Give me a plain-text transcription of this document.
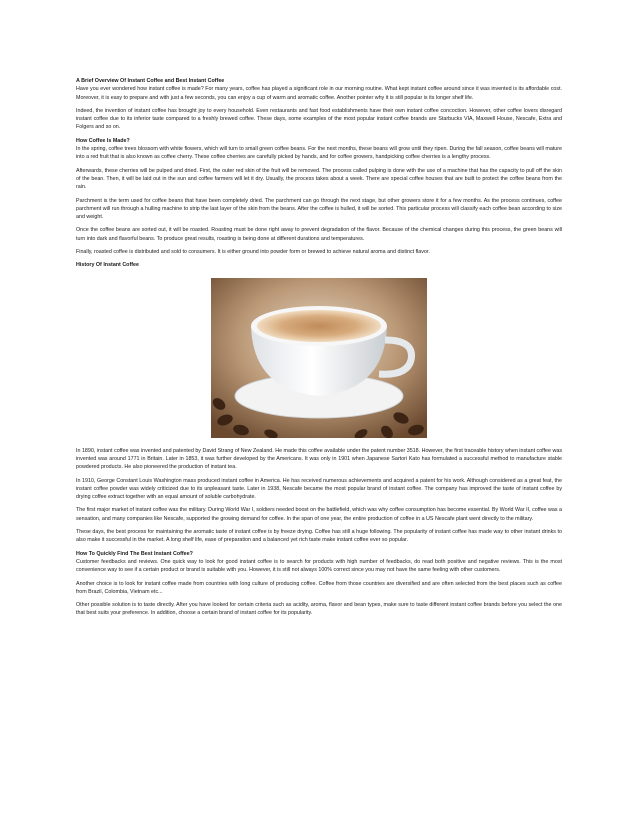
A Brief Overview Of Instant Coffee and Best Instant Coffee

Have you ever wondered how instant coffee is made? For many years, coffee has played a significant role in our morning routine. What kept instant coffee around since it was invented is its affordable cost. Moreover, it is easy to prepare and with just a few seconds, you can enjoy a cup of warm and aromatic coffee. Another pointer why it is still popular is its longer shelf life.

Indeed, the invention of instant coffee has brought joy to every household. Even restaurants and fast food establishments have their own instant coffee concoction. However, other coffee lovers disregard instant coffee due to its inferior taste compared to a freshly brewed coffee. These days, some examples of the most popular instant coffee brands are Starbucks VIA, Maxwell House, Nescafe, Extra and Folgers and so on.

How Coffee Is Made?

In the spring, coffee trees blossom with white flowers, which will turn to small green coffee beans. For the next months, these beans will grow until they ripen. During the fall season, coffee beans will mature into a red fruit that is also known as coffee cherry. These coffee cherries are carefully picked by hands, and for coffee growers, handpicking coffee cherries is a lengthy process.

Afterwards, these cherries will be pulped and dried. First, the outer red skin of the fruit will be removed. The process called pulping is done with the use of a machine that has the capacity to pull off the skin of the bean. Then, it will be laid out in the sun and coffee farmers will let it dry. Usually, the process takes about a week. There are special coffee houses that are built to protect the coffee beans from the rain.

Parchment is the term used for coffee beans that have been completely dried. The parchment can go through the next stage, but other growers store it for a few months. As the process continues, coffee parchment will run through a hulling machine to strip the last layer of the skin from the beans. After the coffee is hulled, it will be sorted. This particular process will classify each coffee bean according to size and weight.

Once the coffee beans are sorted out, it will be roasted. Roasting must be done right away to prevent degradation of the flavor. Because of the chemical changes during this process, the green beans will turn into dark and flavorful beans. To produce great results, roasting is being done at different durations and temperatures.

Finally, roasted coffee is distributed and sold to consumers. It is either ground into powder form or brewed to achieve natural aroma and distinct flavor.

History Of Instant Coffee

In 1890, instant coffee was invented and patented by David Strang of New Zealand. He made this coffee available under the patent number 3518. However, the first traceable history when instant coffee was invented was around 1771 in Britain. Later in 1853, it was further developed by the Americans. It was only in 1901 when Japanese Sartori Kato has formulated a successful method to manufacture stable powdered products. He also pioneered the production of instant tea.

In 1910, George Constant Louis Washington mass produced instant coffee in America. He has received numerous achievements and acquired a patent for his work. Although considered as a great feat, the instant coffee powder was widely criticized due to its unpleasant taste. Later in 1938, Nescafe became the most popular brand of instant coffee. The company has improved the taste of instant coffee by drying coffee extract together with an equal amount of soluble carbohydrate.

The first major market of instant coffee was the military. During World War I, soldiers needed boost on the battlefield, which was why coffee consumption has become essential. By World War II, coffee was a sensation, and many companies like Nescafe, supported the growing demand for coffee. In the span of one year, the entire production of coffee in a US Nescafe plant went directly to the military.

These days, the best process for maintaining the aromatic taste of instant coffee is by freeze drying. Coffee has still a huge following. The popularity of instant coffee has made way to other instant drinks to also make it successful in the market. A long shelf life, ease of preparation and a balanced yet rich taste make instant coffee ever so popular.

How To Quickly Find The Best Instant Coffee?

Customer feedbacks and reviews. One quick way to look for good instant coffee is to search for products with high number of feedbacks, do read both positive and negative reviews. This is the most convenience way to see if a certain product or brand is suitable with you. However, it is still not always 100% correct since you may not have the same feeling with other customers.

Another choice is to look for instant coffee made from countries with long culture of producing coffee. Coffee from those countries are diversified and are often selected from the best places such as coffee from Brazil, Colombia, Vietnam etc...

Other possible solution is to taste directly. After you have looked for certain criteria such as acidity, aroma, flavor and bean types, make sure to taste different instant coffee brands before you select the one that best suits your preference. In addition, choose a certain brand of instant coffee for its popularity.
